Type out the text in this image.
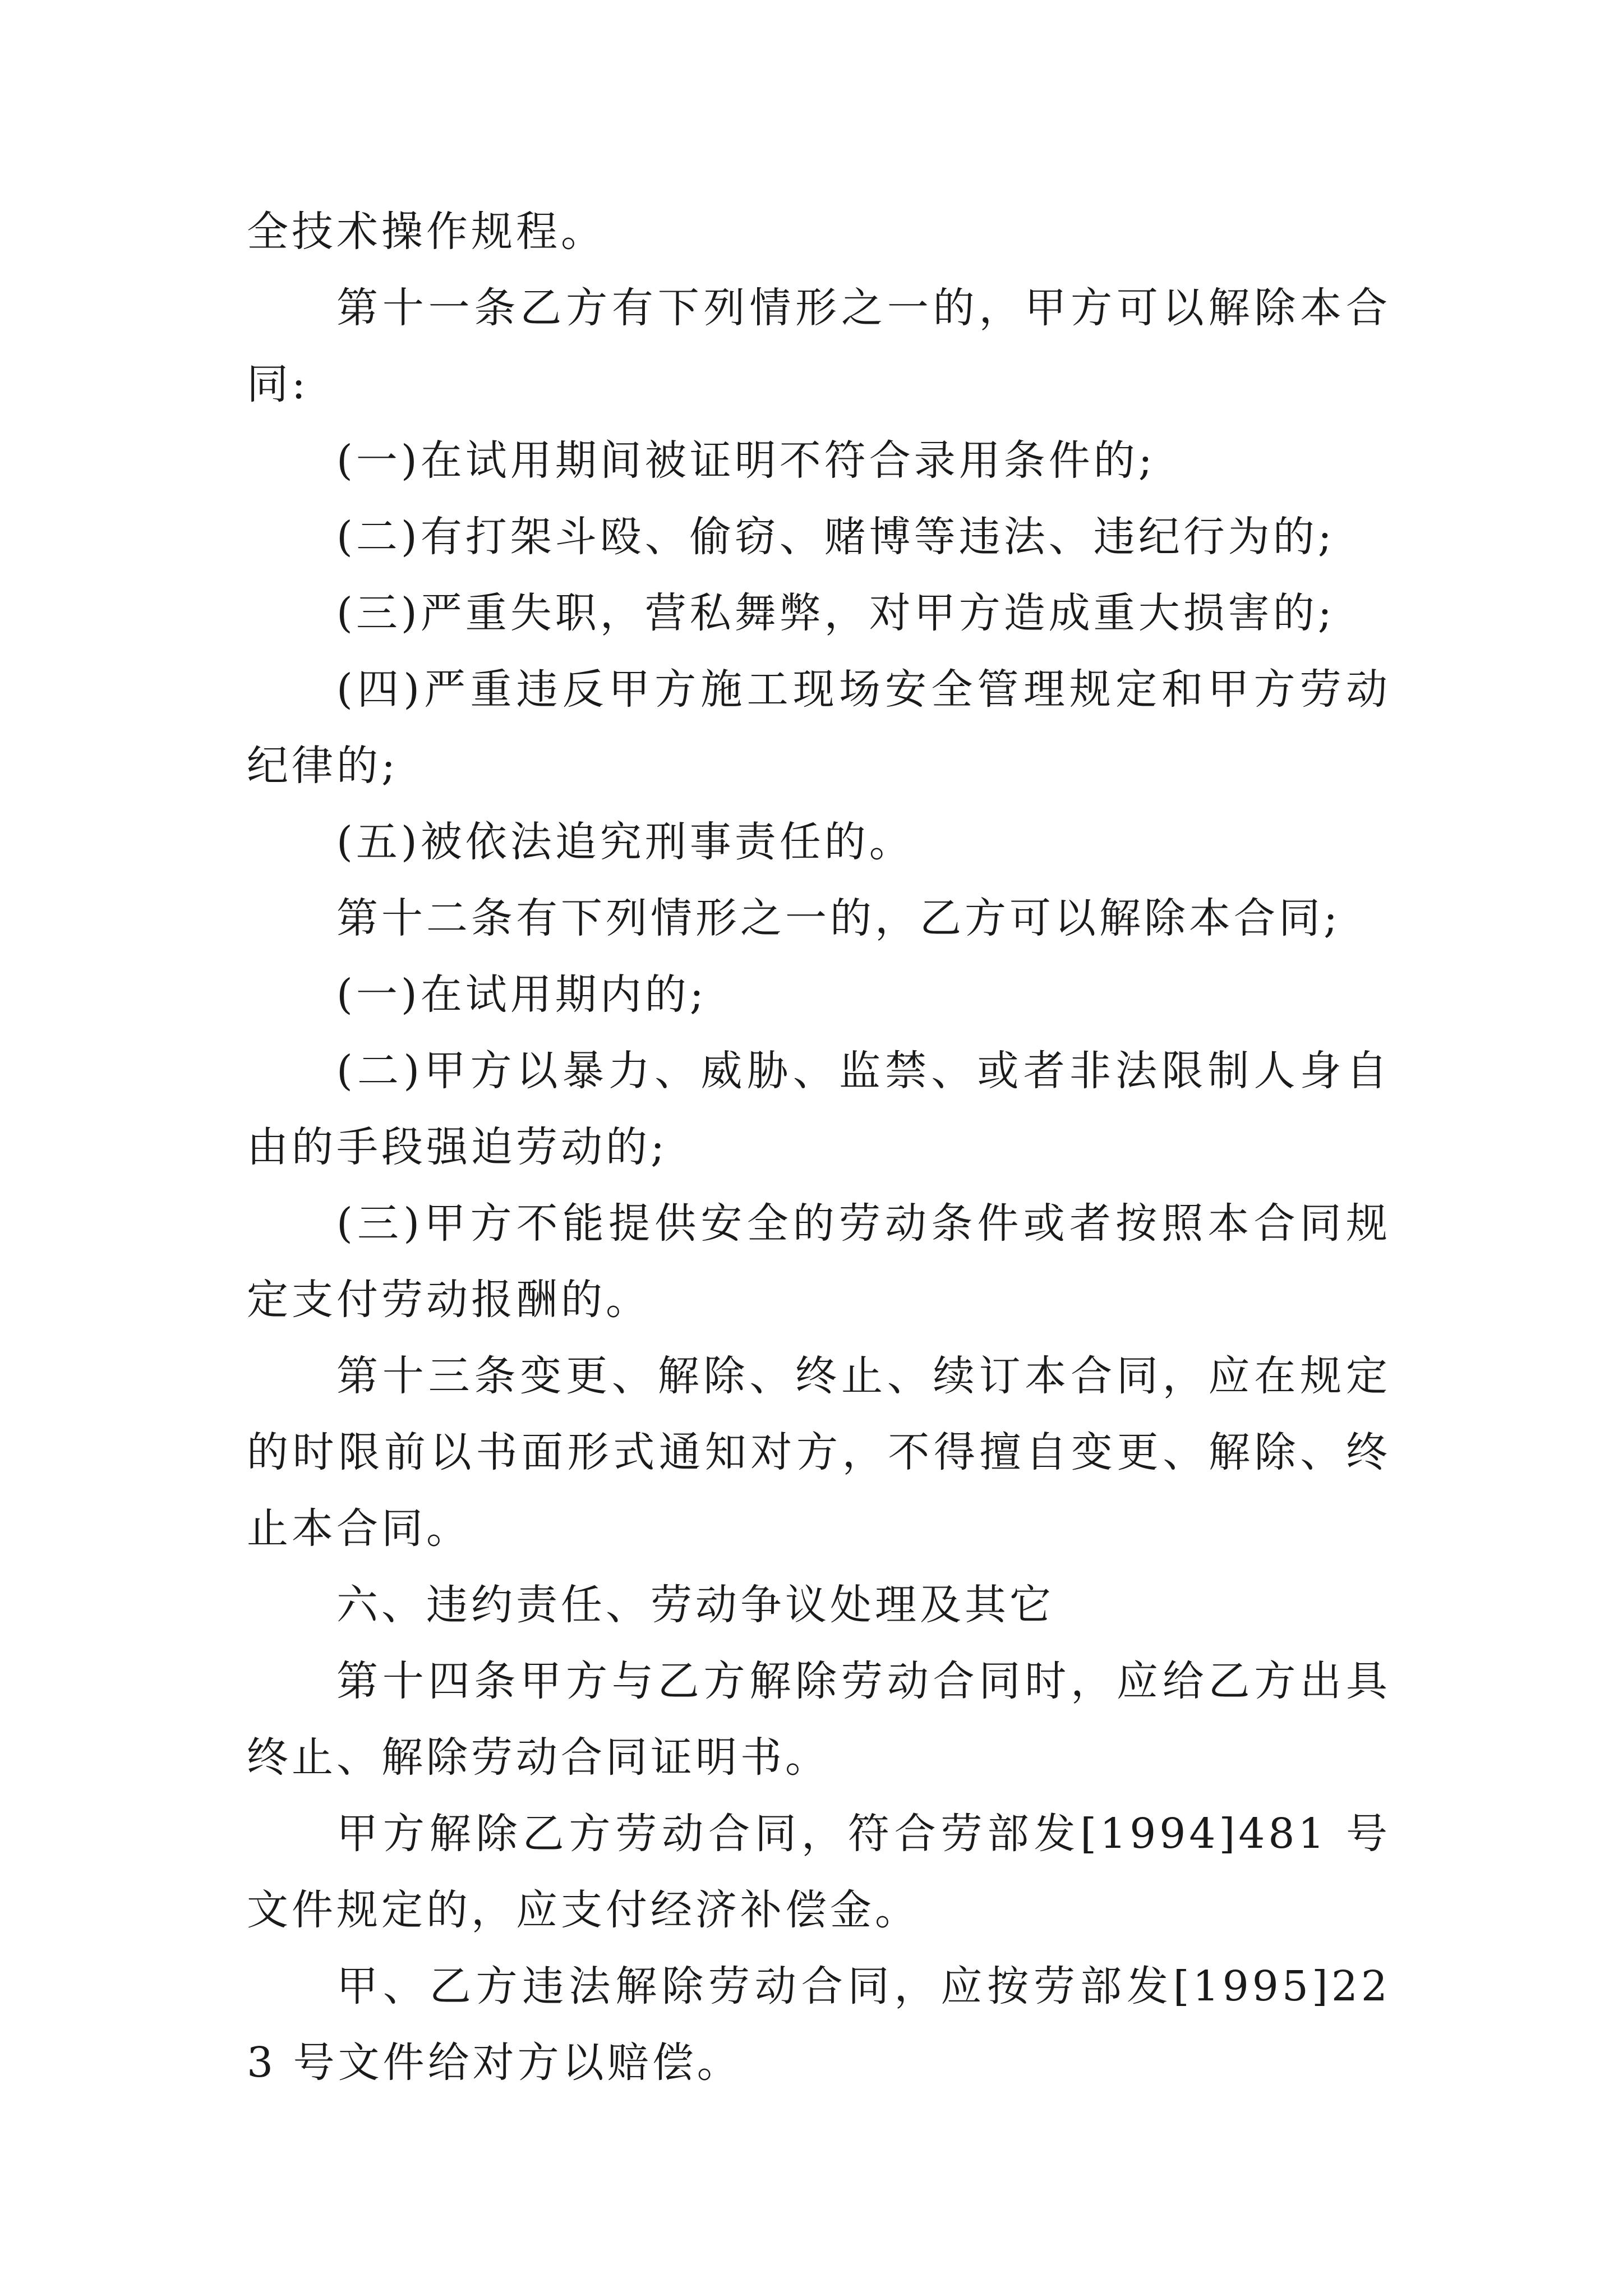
全技术操作规程。

第十一条乙方有下列情形之一的，甲方可以解除本合同:

(一)在试用期间被证明不符合录用条件的;

(二)有打架斗殴、偷窃、赌博等违法、违纪行为的;

(三)严重失职，营私舞弊，对甲方造成重大损害的;

(四)严重违反甲方施工现场安全管理规定和甲方劳动纪律的;

(五)被依法追究刑事责任的。

第十二条有下列情形之一的，乙方可以解除本合同;

(一)在试用期内的;

(二)甲方以暴力、威胁、监禁、或者非法限制人身自由的手段强迫劳动的;

(三)甲方不能提供安全的劳动条件或者按照本合同规定支付劳动报酬的。

第十三条变更、解除、终止、续订本合同，应在规定的时限前以书面形式通知对方，不得擅自变更、解除、终止本合同。

六、违约责任、劳动争议处理及其它

第十四条甲方与乙方解除劳动合同时，应给乙方出具终止、解除劳动合同证明书。

甲方解除乙方劳动合同，符合劳部发[1994]481 号文件规定的，应支付经济补偿金。

甲、乙方违法解除劳动合同，应按劳部发[1995]223 号文件给对方以赔偿。
